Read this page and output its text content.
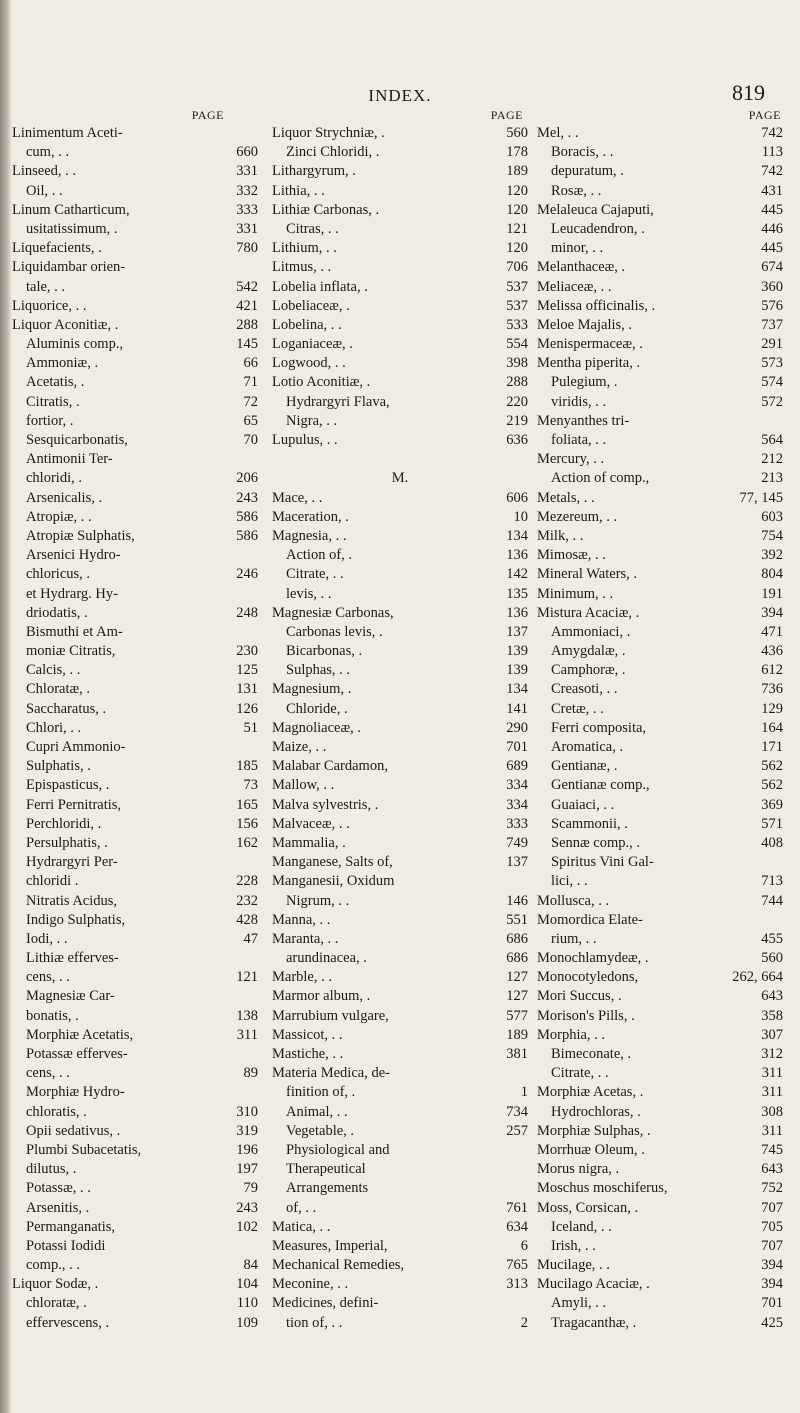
INDEX.	819
PAGE
Linimentum Aceti-
cum, . .	660
Linseed, . .	331
Oil, . .	332
Linum Catharticum,	333
usitatissimum, .	331
Liquefacients, .	780
Liquidambar orien-
tale, . .	542
Liquorice, . .	421
Liquor Aconitiæ, .	288
Aluminis comp.,	145
Ammoniæ, .	66
Acetatis, .	71
Citratis, .	72
fortior, .	65
Sesquicarbonatis,	70
Antimonii Ter-
chloridi, .	206
Arsenicalis, .	243
Atropiæ, . .	586
Atropiæ Sulphatis,	586
Arsenici Hydro-
chloricus, .	246
et Hydrarg. Hy-
driodatis, .	248
Bismuthi et Am-
moniæ Citratis,	230
Calcis, . .	125
Chloratæ, .	131
Saccharatus, .	126
Chlori, . .	51
Cupri Ammonio-
Sulphatis, .	185
Epispasticus, .	73
Ferri Pernitratis,	165
Perchloridi, .	156
Persulphatis, .	162
Hydrargyri Per-
chloridi .	228
Nitratis Acidus,	232
Indigo Sulphatis,	428
Iodi, . .	47
Lithiæ efferves-
cens, . .	121
Magnesiæ Car-
bonatis, .	138
Morphiæ Acetatis,	311
Potassæ efferves-
cens, . .	89
Morphiæ Hydro-
chloratis, .	310
Opii sedativus, .	319
Plumbi Subacetatis,	196
dilutus, .	197
Potassæ, . .	79
Arsenitis, .	243
Permanganatis,	102
Potassi Iodidi
comp., . .	84
Liquor Sodæ, .	104
chloratæ, .	110
effervescens, .	109
PAGE
Liquor Strychniæ, .	560
Zinci Chloridi, .	178
Lithargyrum, .	189
Lithia, . .	120
Lithiæ Carbonas, .	120
Citras, . .	121
Lithium, . .	120
Litmus, . .	706
Lobelia inflata, .	537
Lobeliaceæ, .	537
Lobelina, . .	533
Loganiaceæ, .	554
Logwood, . .	398
Lotio Aconitiæ, .	288
Hydrargyri Flava,	220
Nigra, . .	219
Lupulus, . .	636
M.
Mace, . .	606
Maceration, .	10
Magnesia, . .	134
Action of, .	136
Citrate, . .	142
levis, . .	135
Magnesiæ Carbonas,	136
Carbonas levis, .	137
Bicarbonas, .	139
Sulphas, . .	139
Magnesium, .	134
Chloride, .	141
Magnoliaceæ, .	290
Maize, . .	701
Malabar Cardamon,	689
Mallow, . .	334
Malva sylvestris, .	334
Malvaceæ, . .	333
Mammalia, .	749
Manganese, Salts of,	137
Manganesii, Oxidum
Nigrum, . .	146
Manna, . .	551
Maranta, . .	686
arundinacea, .	686
Marble, . .	127
Marmor album, .	127
Marrubium vulgare,	577
Massicot, . .	189
Mastiche, . .	381
Materia Medica, de-
finition of, .	1
Animal, . .	734
Vegetable, .	257
Physiological and
Therapeutical
Arrangements
of, . .	761
Matica, . .	634
Measures, Imperial,	6
Mechanical Remedies,	765
Meconine, . .	313
Medicines, defini-
tion of, . .	2
PAGE
Mel, . .	742
Boracis, . .	113
depuratum, .	742
Rosæ, . .	431
Melaleuca Cajaputi,	445
Leucadendron, .	446
minor, . .	445
Melanthaceæ, .	674
Meliaceæ, . .	360
Melissa officinalis, .	576
Meloe Majalis, .	737
Menispermaceæ, .	291
Mentha piperita, .	573
Pulegium, .	574
viridis, . .	572
Menyanthes tri-
foliata, . .	564
Mercury, . .	212
Action of comp.,	213
Metals, . .	77, 145
Mezereum, . .	603
Milk, . .	754
Mimosæ, . .	392
Mineral Waters, .	804
Minimum, . .	191
Mistura Acaciæ, .	394
Ammoniaci, .	471
Amygdalæ, .	436
Camphoræ, .	612
Creasoti, . .	736
Cretæ, . .	129
Ferri composita,	164
Aromatica, .	171
Gentianæ, .	562
Gentianæ comp.,	562
Guaiaci, . .	369
Scammonii, .	571
Sennæ comp., .	408
Spiritus Vini Gal-
lici, . .	713
Mollusca, . .	744
Momordica Elate-
rium, . .	455
Monochlamydeæ, .	560
Monocotyledons,	262, 664
Mori Succus, .	643
Morison's Pills, .	358
Morphia, . .	307
Bimeconate, .	312
Citrate, . .	311
Morphiæ Acetas, .	311
Hydrochloras, .	308
Morphiæ Sulphas, .	311
Morrhuæ Oleum, .	745
Morus nigra, .	643
Moschus moschiferus,	752
Moss, Corsican, .	707
Iceland, . .	705
Irish, . .	707
Mucilage, . .	394
Mucilago Acaciæ, .	394
Amyli, . .	701
Tragacanthæ, .	425
